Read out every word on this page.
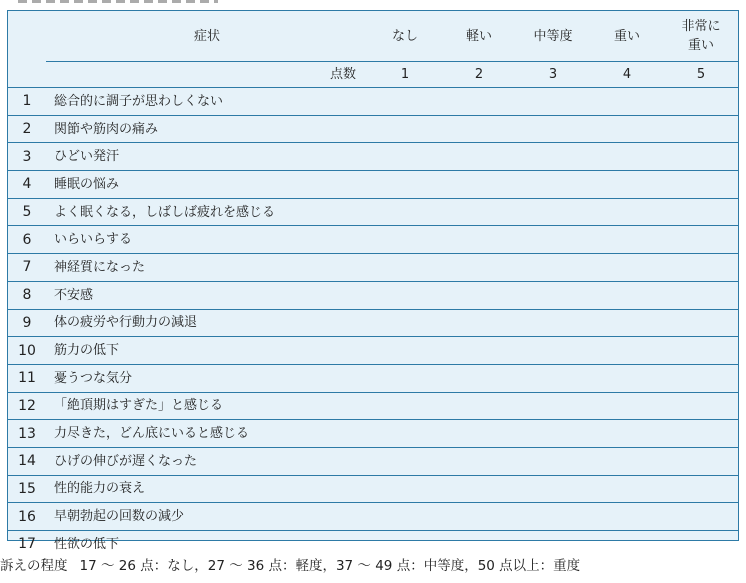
	症状	なし	軽い	中等度	重い	非常に
重い
	点数	1	2	3	4	5
1	総合的に調子が思わしくない					
2	関節や筋肉の痛み					
3	ひどい発汗					
4	睡眠の悩み					
5	よく眠くなる，しばしば疲れを感じる					
6	いらいらする					
7	神経質になった					
8	不安感					
9	体の疲労や行動力の減退					
10	筋力の低下					
11	憂うつな気分					
12	「絶頂期はすぎた」と感じる					
13	力尽きた，どん底にいると感じる					
14	ひげの伸びが遅くなった					
15	性的能力の衰え					
16	早朝勃起の回数の減少					
17	性欲の低下					
訴えの程度 17 ～ 26 点：なし，27 ～ 36 点：軽度，37 ～ 49 点：中等度，50 点以上：重度
